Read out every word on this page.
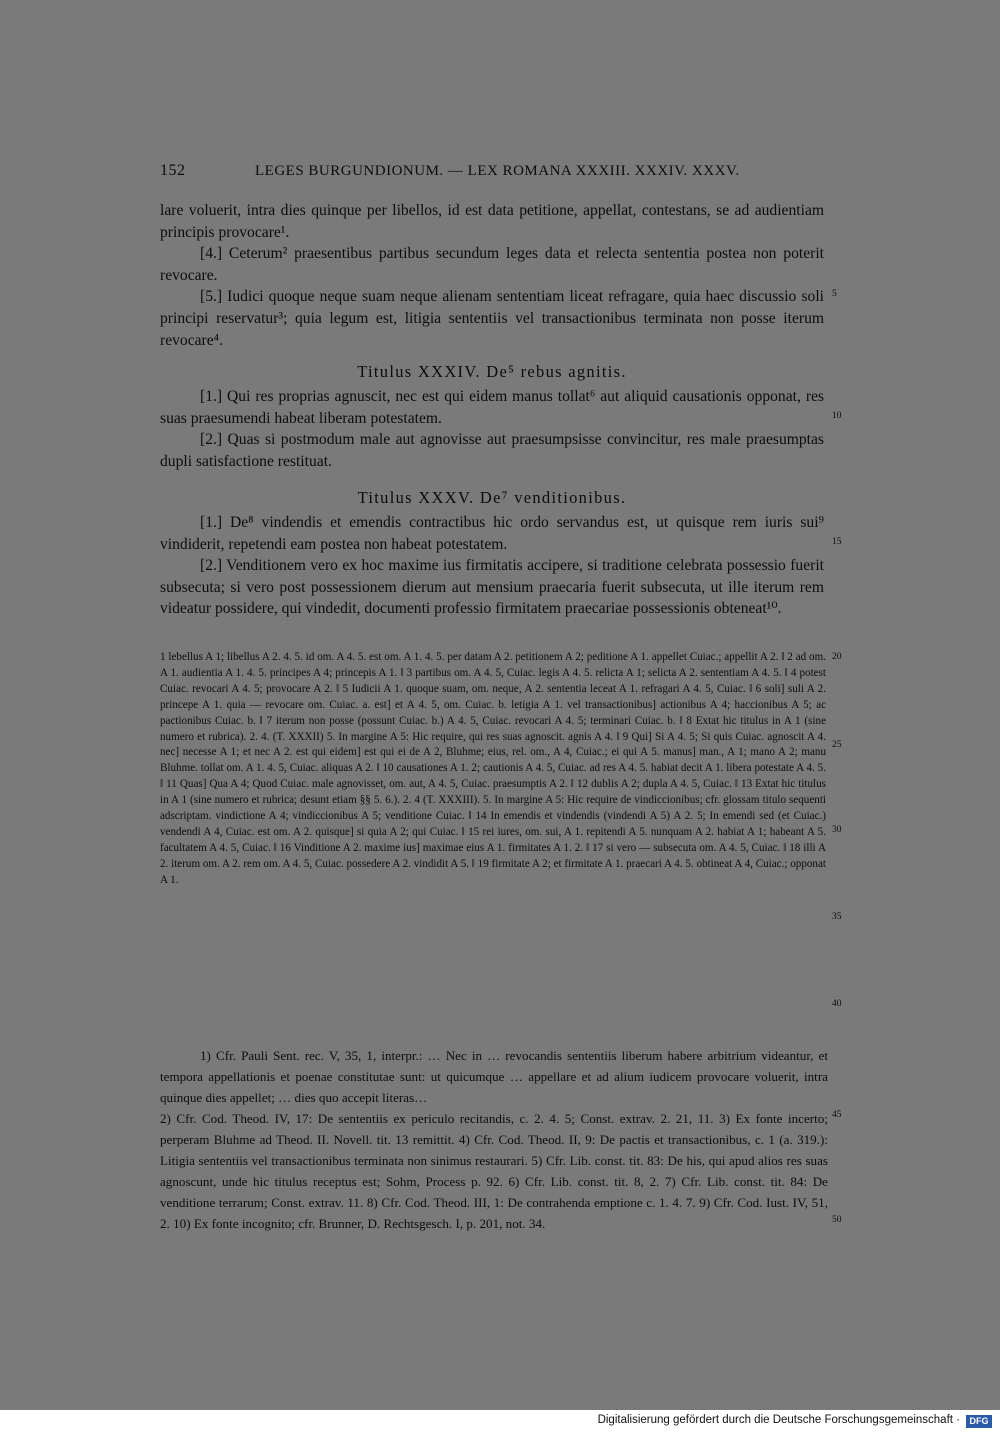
152	LEGES BURGUNDIONUM. — LEX ROMANA XXXIII. XXXIV. XXXV.

lare voluerit, intra dies quinque per libellos, id est data petitione, appellat, contestans, se ad audientiam principis provocare¹.

[4.] Ceterum² praesentibus partibus secundum leges data et relecta sententia postea non poterit revocare.

[5.] Iudici quoque neque suam neque alienam sententiam liceat refragare, quia haec discussio soli principi reservatur³; quia legum est, litigia sententiis vel transactionibus terminata non posse iterum revocare⁴.

Titulus XXXIV. De⁵ rebus agnitis.

[1.] Qui res proprias agnuscit, nec est qui eidem manus tollat⁶ aut aliquid causationis opponat, res suas praesumendi habeat liberam potestatem.

[2.] Quas si postmodum male aut agnovisse aut praesumpsisse convincitur, res male praesumptas dupli satisfactione restituat.

Titulus XXXV. De⁷ venditionibus.

[1.] De⁸ vindendis et emendis contractibus hic ordo servandus est, ut quisque rem iuris sui⁹ vindiderit, repetendi eam postea non habeat potestatem.

[2.] Venditionem vero ex hoc maxime ius firmitatis accipere, si traditione celebrata possessio fuerit subsecuta; si vero post possessionem dierum aut mensium praecaria fuerit subsecuta, ut ille iterum rem videatur possidere, qui vindedit, documenti professio firmitatem praecariae possessionis obteneat¹⁰.

5
10
15
20
25
30
35
40
45
50

1 lebellus A 1; libellus A 2. 4. 5. id om. A 4. 5. est om. A 1. 4. 5. per datam A 2. petitionem A 2; peditione A 1. appellet Cuiac.; appellit A 2. ‖ 2 ad om. A 1. audientia A 1. 4. 5. principes A 4; princepis A 1. ‖ 3 partibus om. A 4. 5, Cuiac. legis A 4. 5. relicta A 1; selicta A 2. sententiam A 4. 5. ‖ 4 potest Cuiac. revocari A 4. 5; provocare A 2. ‖ 5 Iudicii A 1. quoque suam, om. neque, A 2. sententia leceat A 1. refragari A 4. 5, Cuiac. ‖ 6 soli] suli A 2. princepe A 1. quia — revocare om. Cuiac. a. est] et A 4. 5, om. Cuiac. b. letigia A 1. vel transactionibus] actionibus A 4; haccionibus A 5; ac pactionibus Cuiac. b. ‖ 7 iterum non posse (possunt Cuiac. b.) A 4. 5, Cuiac. revocari A 4. 5; terminari Cuiac. b. ‖ 8 Extat hic titulus in A 1 (sine numero et rubrica). 2. 4. (T. XXXII) 5. In margine A 5: Hic require, qui res suas agnoscit. agnis A 4. ‖ 9 Qui] Si A 4. 5; Si quis Cuiac. agnoscit A 4. nec] necesse A 1; et nec A 2. est qui eidem] est qui ei de A 2, Bluhme; eius, rel. om., A 4, Cuiac.; ei qui A 5. manus] man., A 1; mano A 2; manu Bluhme. tollat om. A 1. 4. 5, Cuiac. aliquas A 2. ‖ 10 causationes A 1. 2; cautionis A 4. 5, Cuiac. ad res A 4. 5. habiat decit A 1. libera potestate A 4. 5. ‖ 11 Quas] Qua A 4; Quod Cuiac. male agnovisset, om. aut, A 4. 5, Cuiac. praesumptis A 2. ‖ 12 dublis A 2; dupla A 4. 5, Cuiac. ‖ 13 Extat hic titulus in A 1 (sine numero et rubrica; desunt etiam §§ 5. 6.). 2. 4 (T. XXXIII). 5. In margine A 5: Hic require de vindiccionibus; cfr. glossam titulo sequenti adscriptam. vindictione A 4; vindiccionibus A 5; venditione Cuiac. ‖ 14 In emendis et vindendis (vindendi A 5) A 2. 5; In emendi sed (et Cuiac.) vendendi A 4, Cuiac. est om. A 2. quisque] si quia A 2; qui Cuiac. ‖ 15 rei iures, om. sui, A 1. repitendi A 5. nunquam A 2. habiat A 1; habeant A 5. facultatem A 4. 5, Cuiac. ‖ 16 Vinditione A 2. maxime ius] maximae eius A 1. firmitates A 1. 2. ‖ 17 si vero — subsecuta om. A 4. 5, Cuiac. ‖ 18 illi A 2. iterum om. A 2. rem om. A 4. 5, Cuiac. possedere A 2. vindidit A 5. ‖ 19 firmitate A 2; et firmitate A 1. praecari A 4. 5. obtineat A 4, Cuiac.; opponat A 1.

1) Cfr. Pauli Sent. rec. V, 35, 1, interpr.: … Nec in … revocandis sententiis liberum habere arbitrium videantur, et tempora appellationis et poenae constitutae sunt: ut quicumque … appellare et ad alium iudicem provocare voluerit, intra quinque dies appellet; … dies quo accepit literas…

2) Cfr. Cod. Theod. IV, 17: De sententiis ex periculo recitandis, c. 2. 4. 5; Const. extrav. 2. 21, 11. 3) Ex fonte incerto; perperam Bluhme ad Theod. II. Novell. tit. 13 remittit. 4) Cfr. Cod. Theod. II, 9: De pactis et transactionibus, c. 1 (a. 319.): Litigia sententiis vel transactionibus terminata non sinimus restaurari. 5) Cfr. Lib. const. tit. 83: De his, qui apud alios res suas agnoscunt, unde hic titulus receptus est; Sohm, Process p. 92. 6) Cfr. Lib. const. tit. 8, 2. 7) Cfr. Lib. const. tit. 84: De venditione terrarum; Const. extrav. 11. 8) Cfr. Cod. Theod. III, 1: De contrahenda emptione c. 1. 4. 7. 9) Cfr. Cod. Iust. IV, 51, 2. 10) Ex fonte incognito; cfr. Brunner, D. Rechtsgesch. I, p. 201, not. 34.

Digitalisierung gefördert durch die Deutsche Forschungsgemeinschaft ·	DFG
